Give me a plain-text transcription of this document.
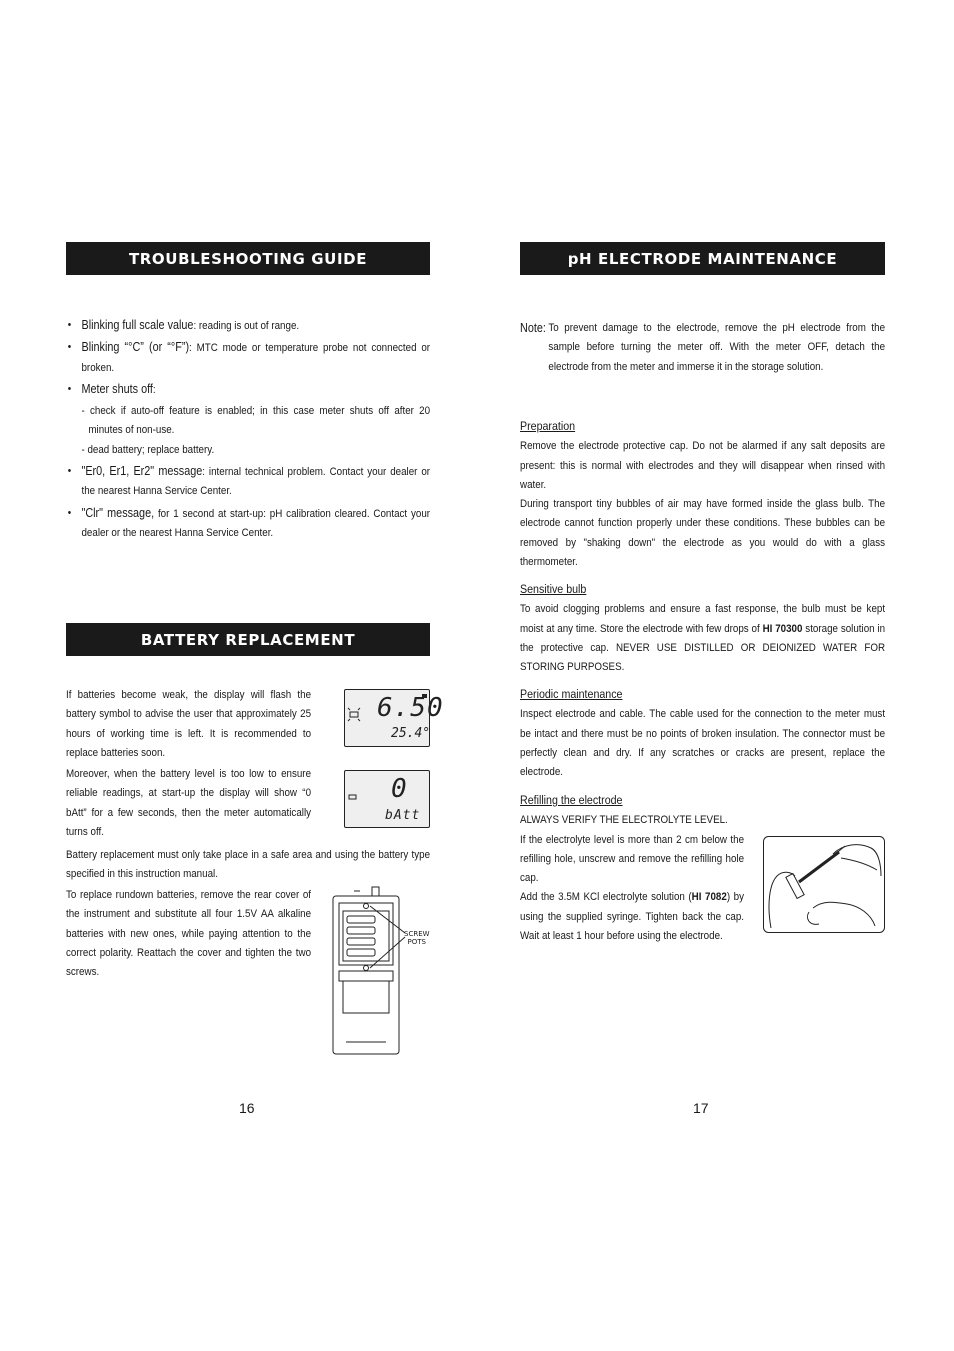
TROUBLESHOOTING GUIDE
• Blinking full scale value: reading is out of range.
• Blinking “°C” (or “°F”): MTC mode or temperature probe not connected or broken.
• Meter shuts off:
- check if auto-off feature is enabled; in this case meter shuts off after 20 minutes of non-use.
- dead battery; replace battery.
• "Er0, Er1, Er2" message: internal technical problem. Contact your dealer or the nearest Hanna Service Center.
• "Clr" message, for 1 second at start-up: pH calibration cleared. Contact your dealer or the nearest Hanna Service Center.
BATTERY REPLACEMENT
If batteries become weak, the display will flash the battery symbol to advise the user that approximately 25 hours of working time is left. It is recommended to replace batteries soon.
Moreover, when the battery level is too low to ensure reliable readings, at start-up the display will show “0 bAtt” for a few seconds, then the meter automatically turns off.
Battery replacement must only take place in a safe area and using the battery type specified in this instruction manual.
To replace rundown batteries, remove the rear cover of the instrument and substitute all four 1.5V AA alkaline batteries with new ones, while paying attention to the correct polarity. Reattach the cover and tighten the two screws.
6.50
25.4°
0
bAtt
SCREW
POTS
16
pH ELECTRODE MAINTENANCE
Note: To prevent damage to the electrode, remove the pH electrode from the sample before turning the meter off. With the meter OFF, detach the electrode from the meter and immerse it in the storage solution.
Preparation
Remove the electrode protective cap. Do not be alarmed if any salt deposits are present: this is normal with electrodes and they will disappear when rinsed with water.
During transport tiny bubbles of air may have formed inside the glass bulb. The electrode cannot function properly under these conditions. These bubbles can be removed by "shaking down" the electrode as you would do with a glass thermometer.
Sensitive bulb
To avoid clogging problems and ensure a fast response, the bulb must be kept moist at any time. Store the electrode with few drops of HI 70300 storage solution in the protective cap. NEVER USE DISTILLED OR DEIONIZED WATER FOR STORING PURPOSES.
Periodic maintenance
Inspect electrode and cable. The cable used for the connection to the meter must be intact and there must be no points of broken insulation. The connector must be perfectly clean and dry. If any scratches or cracks are present, replace the electrode.
Refilling the electrode
ALWAYS VERIFY THE ELECTROLYTE LEVEL.
If the electrolyte level is more than 2 cm below the refilling hole, unscrew and remove the refilling hole cap.
Add the 3.5M KCl electrolyte solution (HI 7082) by using the supplied syringe. Tighten back the cap. Wait at least 1 hour before using the electrode.
17
